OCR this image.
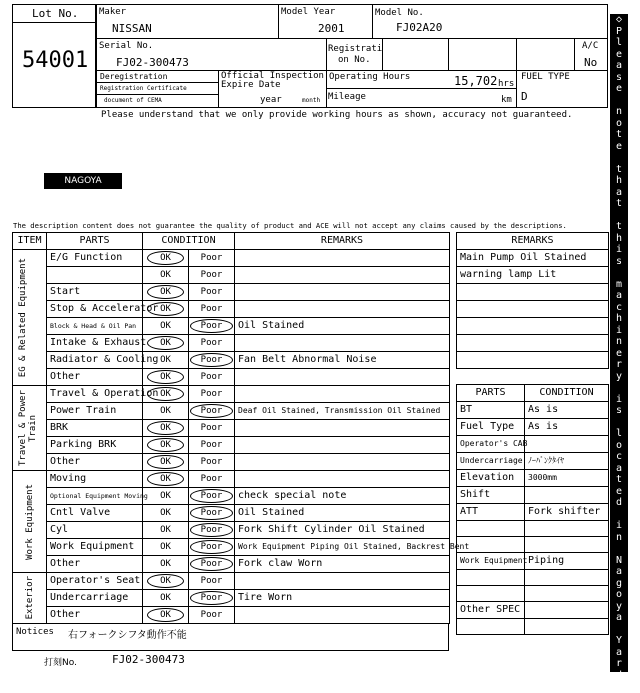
Lot No.
54001
Maker
NISSAN
Model Year
2001
Model No.
FJ02A20
Serial No.
FJ02-300473
Registrati
on No.
A/C
No
Deregistration
Registration Certificate
document of CEMA
Official Inspection
Expire Date
year	month
Operating Hours	15,702 hrs
Mileage	km
FUEL TYPE
D
Please understand that we only provide working hours as shown, accuracy not guaranteed.
NAGOYA
The description content does not guarantee the quality of product and ACE will not accept any claims caused by the descriptions.
ITEM	PARTS	CONDITION		REMARKS

EG & Related Equipment	E/G Function	OK	Poor	
		OK	Poor	
	Start	OK	Poor	
	Stop & Accelerator	OK	Poor	
	Block & Head & Oil Pan	OK	Poor	Oil Stained
	Intake & Exhaust	OK	Poor	
	Radiator & Cooling	OK	Poor	Fan Belt Abnormal Noise
	Other	OK	Poor	

Travel & Power Train	Travel & Operation	OK	Poor	
	Power Train	OK	Poor	Deaf Oil Stained, Transmission Oil Stained
	BRK	OK	Poor	
	Parking BRK	OK	Poor	
	Other	OK	Poor	

Work Equipment	Moving	OK	Poor	
	Optional Equipment Moving	OK	Poor	check special note
	Cntl Valve	OK	Poor	Oil Stained
	Cyl	OK	Poor	Fork Shift Cylinder Oil Stained
	Work Equipment	OK	Poor	Work Equipment Piping Oil Stained, Backrest Bent
	Other	OK	Poor	Fork claw Worn

Exterior	Operator's Seat	OK	Poor	
	Undercarriage	OK	Poor	Tire Worn
	Other	OK	Poor	
Notices 右フォークシフタ動作不能
打刻No.	FJ02-300473
REMARKS
Main Pump Oil Stained
warning lamp Lit

PARTS	CONDITION
BT	As is
Fuel Type	As is
Operator's CAB	
Undercarriage	ﾉｰﾊﾞﾝｸﾀｲﾔ
Elevation	3000mm
Shift	
ATT	Fork shifter

Work Equipment	Piping

Other SPEC	

◇
P
l
e
a
s
e
n
o
t
e
t
h
a
t
t
h
i
s
m
a
c
h
i
n
e
r
y
i
s
l
o
c
a
t
e
d
i
n
N
a
g
o
y
a
Y
a
r
d
◇
